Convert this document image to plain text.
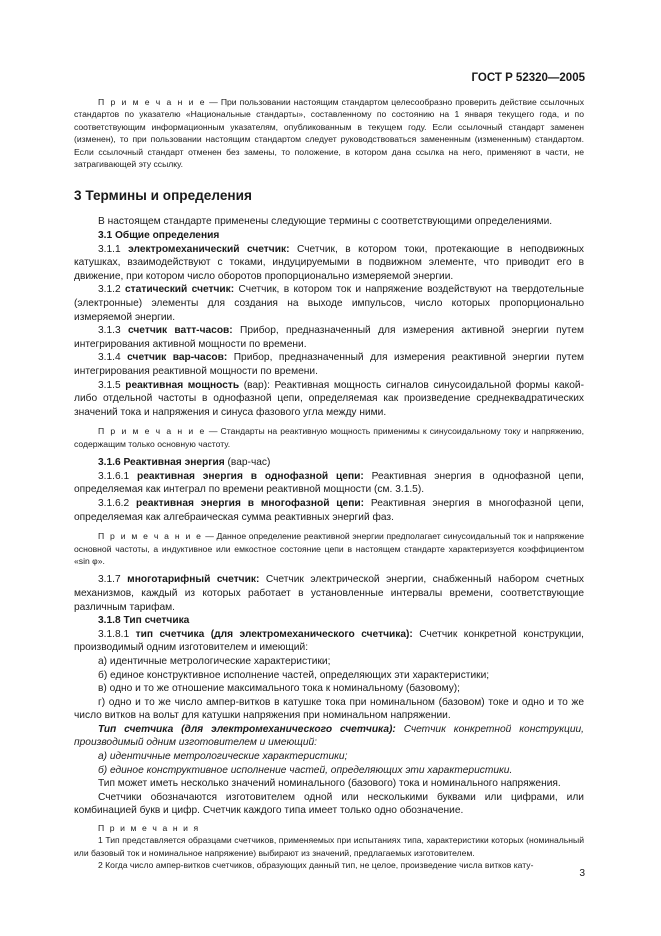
ГОСТ Р 52320—2005

П р и м е ч а н и е — При пользовании настоящим стандартом целесообразно проверить действие ссылочных стандартов по указателю «Национальные стандарты», составленному по состоянию на 1 января текущего года, и по соответствующим информационным указателям, опубликованным в текущем году. Если ссылочный стандарт заменен (изменен), то при пользовании настоящим стандартом следует руководствоваться замененным (измененным) стандартом. Если ссылочный стандарт отменен без замены, то положение, в котором дана ссылка на него, применяют в части, не затрагивающей эту ссылку.

3 Термины и определения

В настоящем стандарте применены следующие термины с соответствующими определениями.

3.1 Общие определения

3.1.1 электромеханический счетчик: Счетчик, в котором токи, протекающие в неподвижных катушках, взаимодействуют с токами, индуцируемыми в подвижном элементе, что приводит его в движение, при котором число оборотов пропорционально измеряемой энергии.

3.1.2 статический счетчик: Счетчик, в котором ток и напряжение воздействуют на твердотельные (электронные) элементы для создания на выходе импульсов, число которых пропорционально измеряемой энергии.

3.1.3 счетчик ватт-часов: Прибор, предназначенный для измерения активной энергии путем интегрирования активной мощности по времени.

3.1.4 счетчик вар-часов: Прибор, предназначенный для измерения реактивной энергии путем интегрирования реактивной мощности по времени.

3.1.5 реактивная мощность (вар): Реактивная мощность сигналов синусоидальной формы какой-либо отдельной частоты в однофазной цепи, определяемая как произведение среднеквадратических значений тока и напряжения и синуса фазового угла между ними.

П р и м е ч а н и е — Стандарты на реактивную мощность применимы к синусоидальному току и напряжению, содержащим только основную частоту.

3.1.6 Реактивная энергия (вар-час)

3.1.6.1 реактивная энергия в однофазной цепи: Реактивная энергия в однофазной цепи, определяемая как интеграл по времени реактивной мощности (см. 3.1.5).

3.1.6.2 реактивная энергия в многофазной цепи: Реактивная энергия в многофазной цепи, определяемая как алгебраическая сумма реактивных энергий фаз.

П р и м е ч а н и е — Данное определение реактивной энергии предполагает синусоидальный ток и напряжение основной частоты, а индуктивное или емкостное состояние цепи в настоящем стандарте характеризуется коэффициентом «sin φ».

3.1.7 многотарифный счетчик: Счетчик электрической энергии, снабженный набором счетных механизмов, каждый из которых работает в установленные интервалы времени, соответствующие различным тарифам.

3.1.8 Тип счетчика

3.1.8.1 тип счетчика (для электромеханического счетчика): Счетчик конкретной конструкции, производимый одним изготовителем и имеющий:

а) идентичные метрологические характеристики;

б) единое конструктивное исполнение частей, определяющих эти характеристики;

в) одно и то же отношение максимального тока к номинальному (базовому);

г) одно и то же число ампер-витков в катушке тока при номинальном (базовом) токе и одно и то же число витков на вольт для катушки напряжения при номинальном напряжении.

Тип счетчика (для электромеханического счетчика): Счетчик конкретной конструкции, производимый одним изготовителем и имеющий:

а) идентичные метрологические характеристики;

б) единое конструктивное исполнение частей, определяющих эти характеристики.

Тип может иметь несколько значений номинального (базового) тока и номинального напряжения.

Счетчики обозначаются изготовителем одной или несколькими буквами или цифрами, или комбинацией букв и цифр. Счетчик каждого типа имеет только одно обозначение.

П р и м е ч а н и я

1 Тип представляется образцами счетчиков, применяемых при испытаниях типа, характеристики которых (номинальный или базовый ток и номинальное напряжение) выбирают из значений, предлагаемых изготовителем.

2 Когда число ампер-витков счетчиков, образующих данный тип, не целое, произведение числа витков кату-

3
